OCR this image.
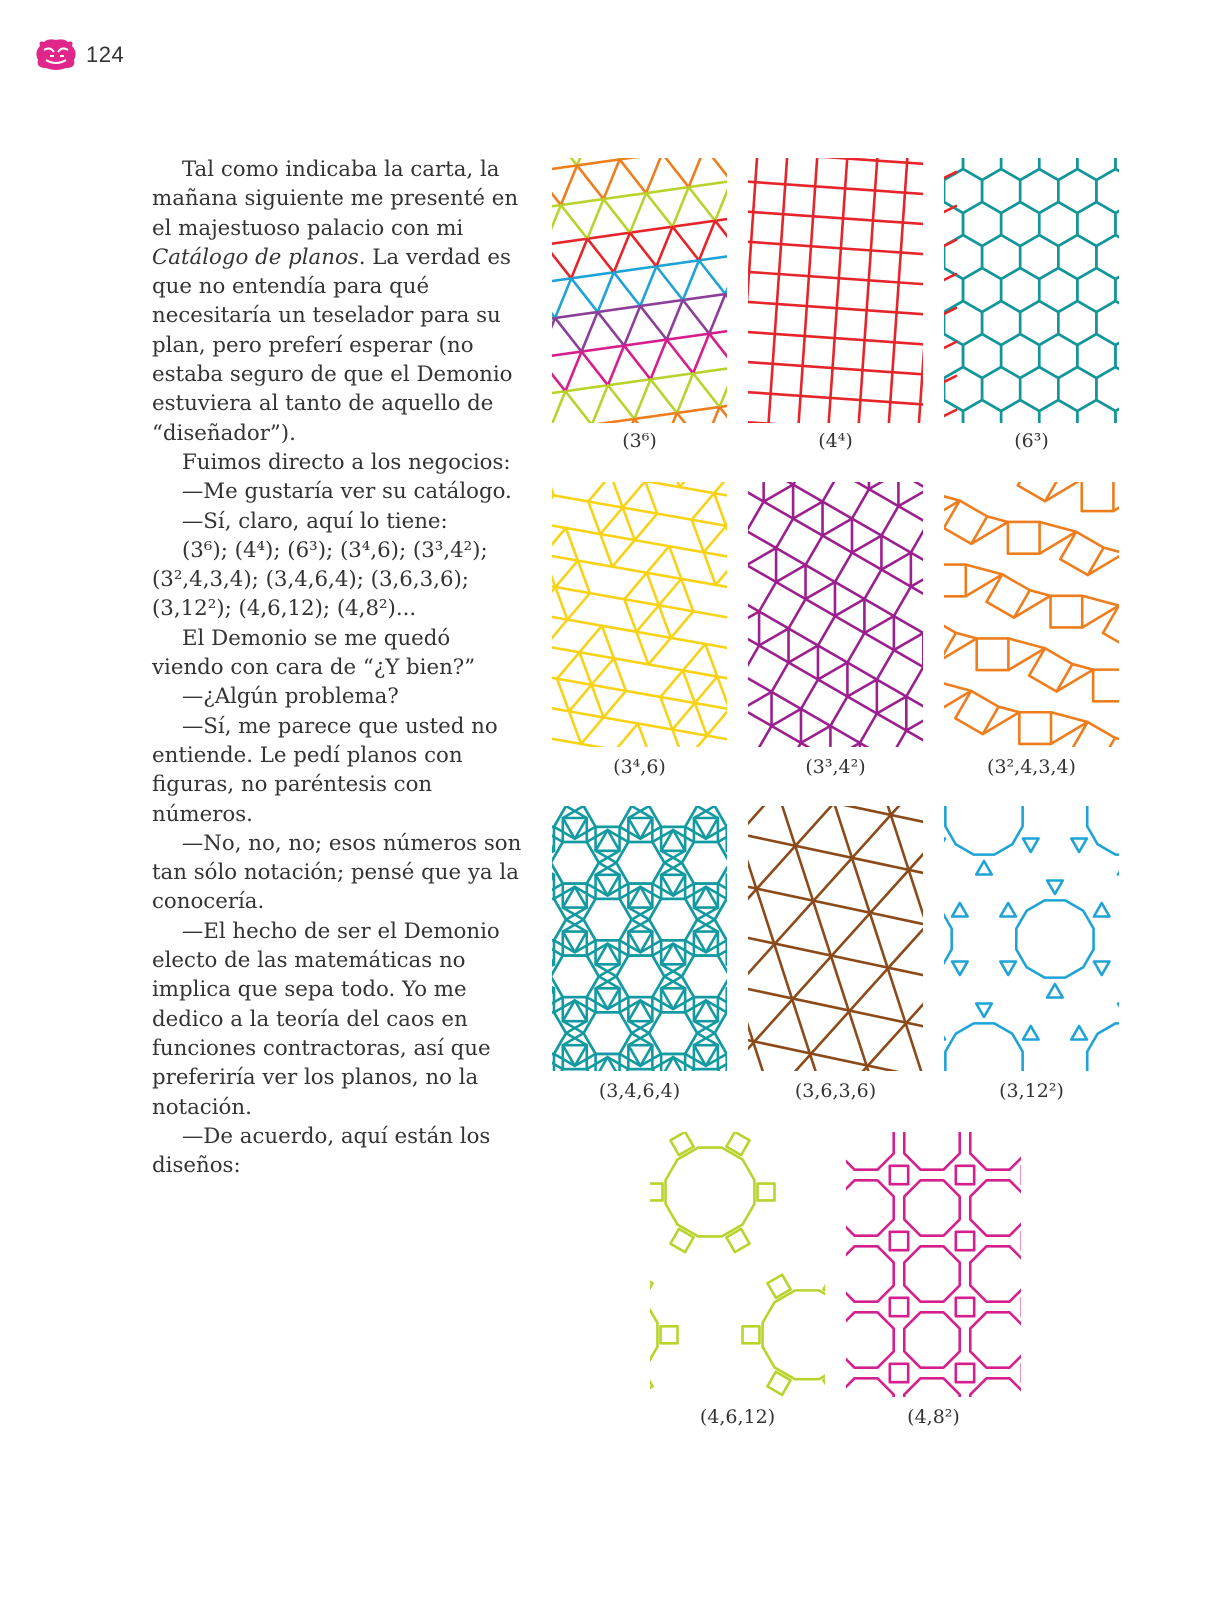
124

Tal como indicaba la carta, la mañana siguiente me presenté en el majestuoso palacio con mi Catálogo de planos. La verdad es que no entendía para qué necesitaría un teselador para su plan, pero preferí esperar (no estaba seguro de que el Demonio estuviera al tanto de aquello de “diseñador”).

Fuimos directo a los negocios:

—Me gustaría ver su catálogo.

—Sí, claro, aquí lo tiene:

(3⁶); (4⁴); (6³); (3⁴,6); (3³,4²); (3²,4,3,4); (3,4,6,4); (3,6,3,6); (3,12²); (4,6,12); (4,8²)...

El Demonio se me quedó viendo con cara de “¿Y bien?”

—¿Algún problema?

—Sí, me parece que usted no entiende. Le pedí planos con figuras, no paréntesis con números.

—No, no, no; esos números son tan sólo notación; pensé que ya la conocería.

—El hecho de ser el Demonio electo de las matemáticas no implica que sepa todo. Yo me dedico a la teoría del caos en funciones contractoras, así que preferiría ver los planos, no la notación.

—De acuerdo, aquí están los diseños:

(3⁶)	(4⁴)	(6³)
(3⁴,6)	(3³,4²)	(3²,4,3,4)
(3,4,6,4)	(3,6,3,6)	(3,12²)
(4,6,12)	(4,8²)
